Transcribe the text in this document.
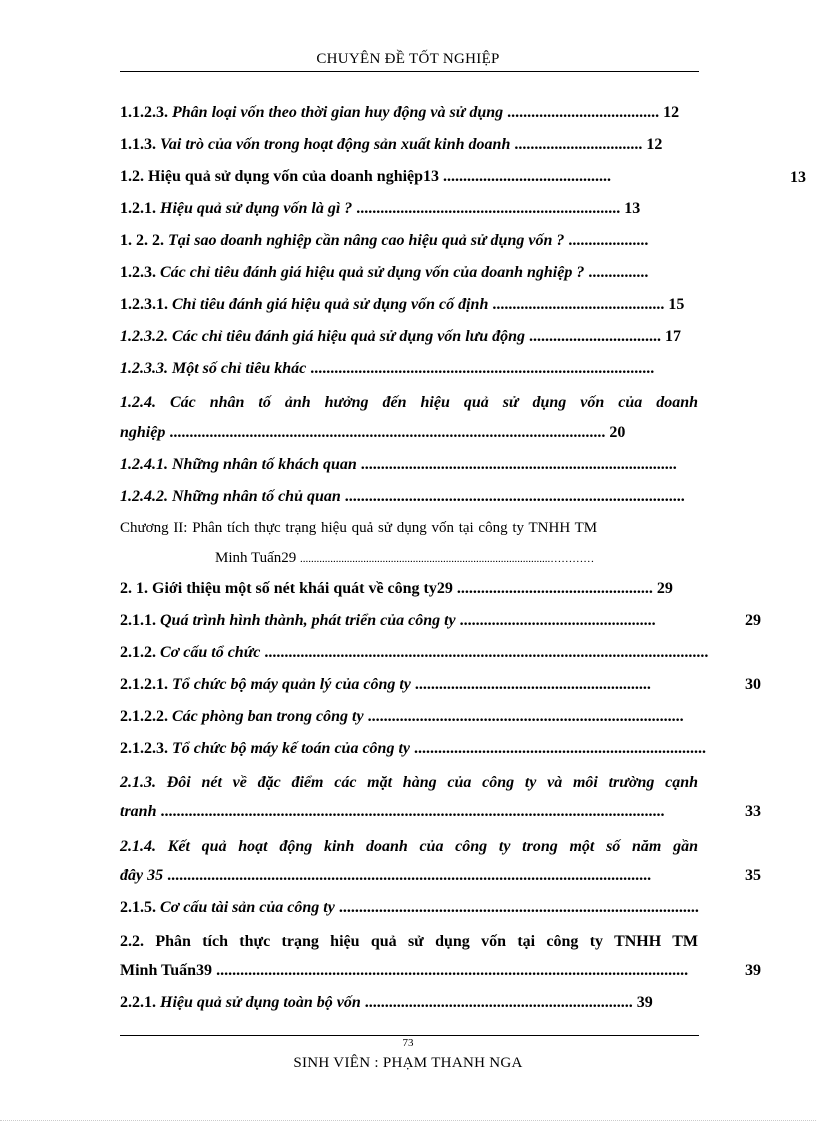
CHUYÊN ĐỀ TỐT NGHIỆP
1.1.2.3. Phân loại vốn theo thời gian huy động và sử dụng ...................................... 12
1.1.3. Vai trò của vốn trong hoạt động sản xuất kinh doanh ................................ 12
1.2. Hiệu quả sử dụng vốn của doanh nghiệp13 ..........................................	13
1.2.1. Hiệu quả sử dụng vốn là gì ? .................................................................. 13
1. 2. 2. Tại sao doanh nghiệp cần nâng cao hiệu quả sử dụng vốn ? ....................
1.2.3. Các chỉ tiêu đánh giá hiệu quả sử dụng vốn của doanh nghiệp ? ...............
1.2.3.1. Chỉ tiêu đánh giá hiệu quả sử dụng vốn cố định ........................................... 15
1.2.3.2. Các chỉ tiêu đánh giá hiệu quả sử dụng vốn lưu động ................................. 17
1.2.3.3. Một số chỉ tiêu khác ......................................................................................
1.2.4. Các nhân tố ảnh hưởng đến hiệu quả sử dụng vốn của doanh
nghiệp ............................................................................................................. 20
1.2.4.1. Những nhân tố khách quan ...............................................................................
1.2.4.2. Những nhân tố chủ quan .....................................................................................
Chương II: Phân tích thực trạng hiệu quả sử dụng vốn tại công ty TNHH TM
Minh Tuấn29 ...........................................................................................…………
2. 1. Giới thiệu một số nét khái quát về công ty29 ................................................. 29
2.1.1. Quá trình hình thành, phát triển của công ty .................................................	29
2.1.2. Cơ cấu tổ chức ...............................................................................................................
2.1.2.1. Tổ chức bộ máy quản lý của công ty ...........................................................	30
2.1.2.2. Các phòng ban trong công ty ...............................................................................
2.1.2.3. Tổ chức bộ máy kế toán của công ty .........................................................................
2.1.3. Đôi nét về đặc điểm các mặt hàng của công ty và môi trường cạnh
tranh ..............................................................................................................................	33
2.1.4. Kết quả hoạt động kinh doanh của công ty trong một số năm gần
đây 35 .........................................................................................................................	35
2.1.5. Cơ cấu tài sản của công ty ..........................................................................................
2.2. Phân tích thực trạng hiệu quả sử dụng vốn tại công ty TNHH TM
Minh Tuấn39 ......................................................................................................................	39
2.2.1. Hiệu quả sử dụng toàn bộ vốn ................................................................... 39
73
SINH VIÊN : PHẠM THANH NGA
